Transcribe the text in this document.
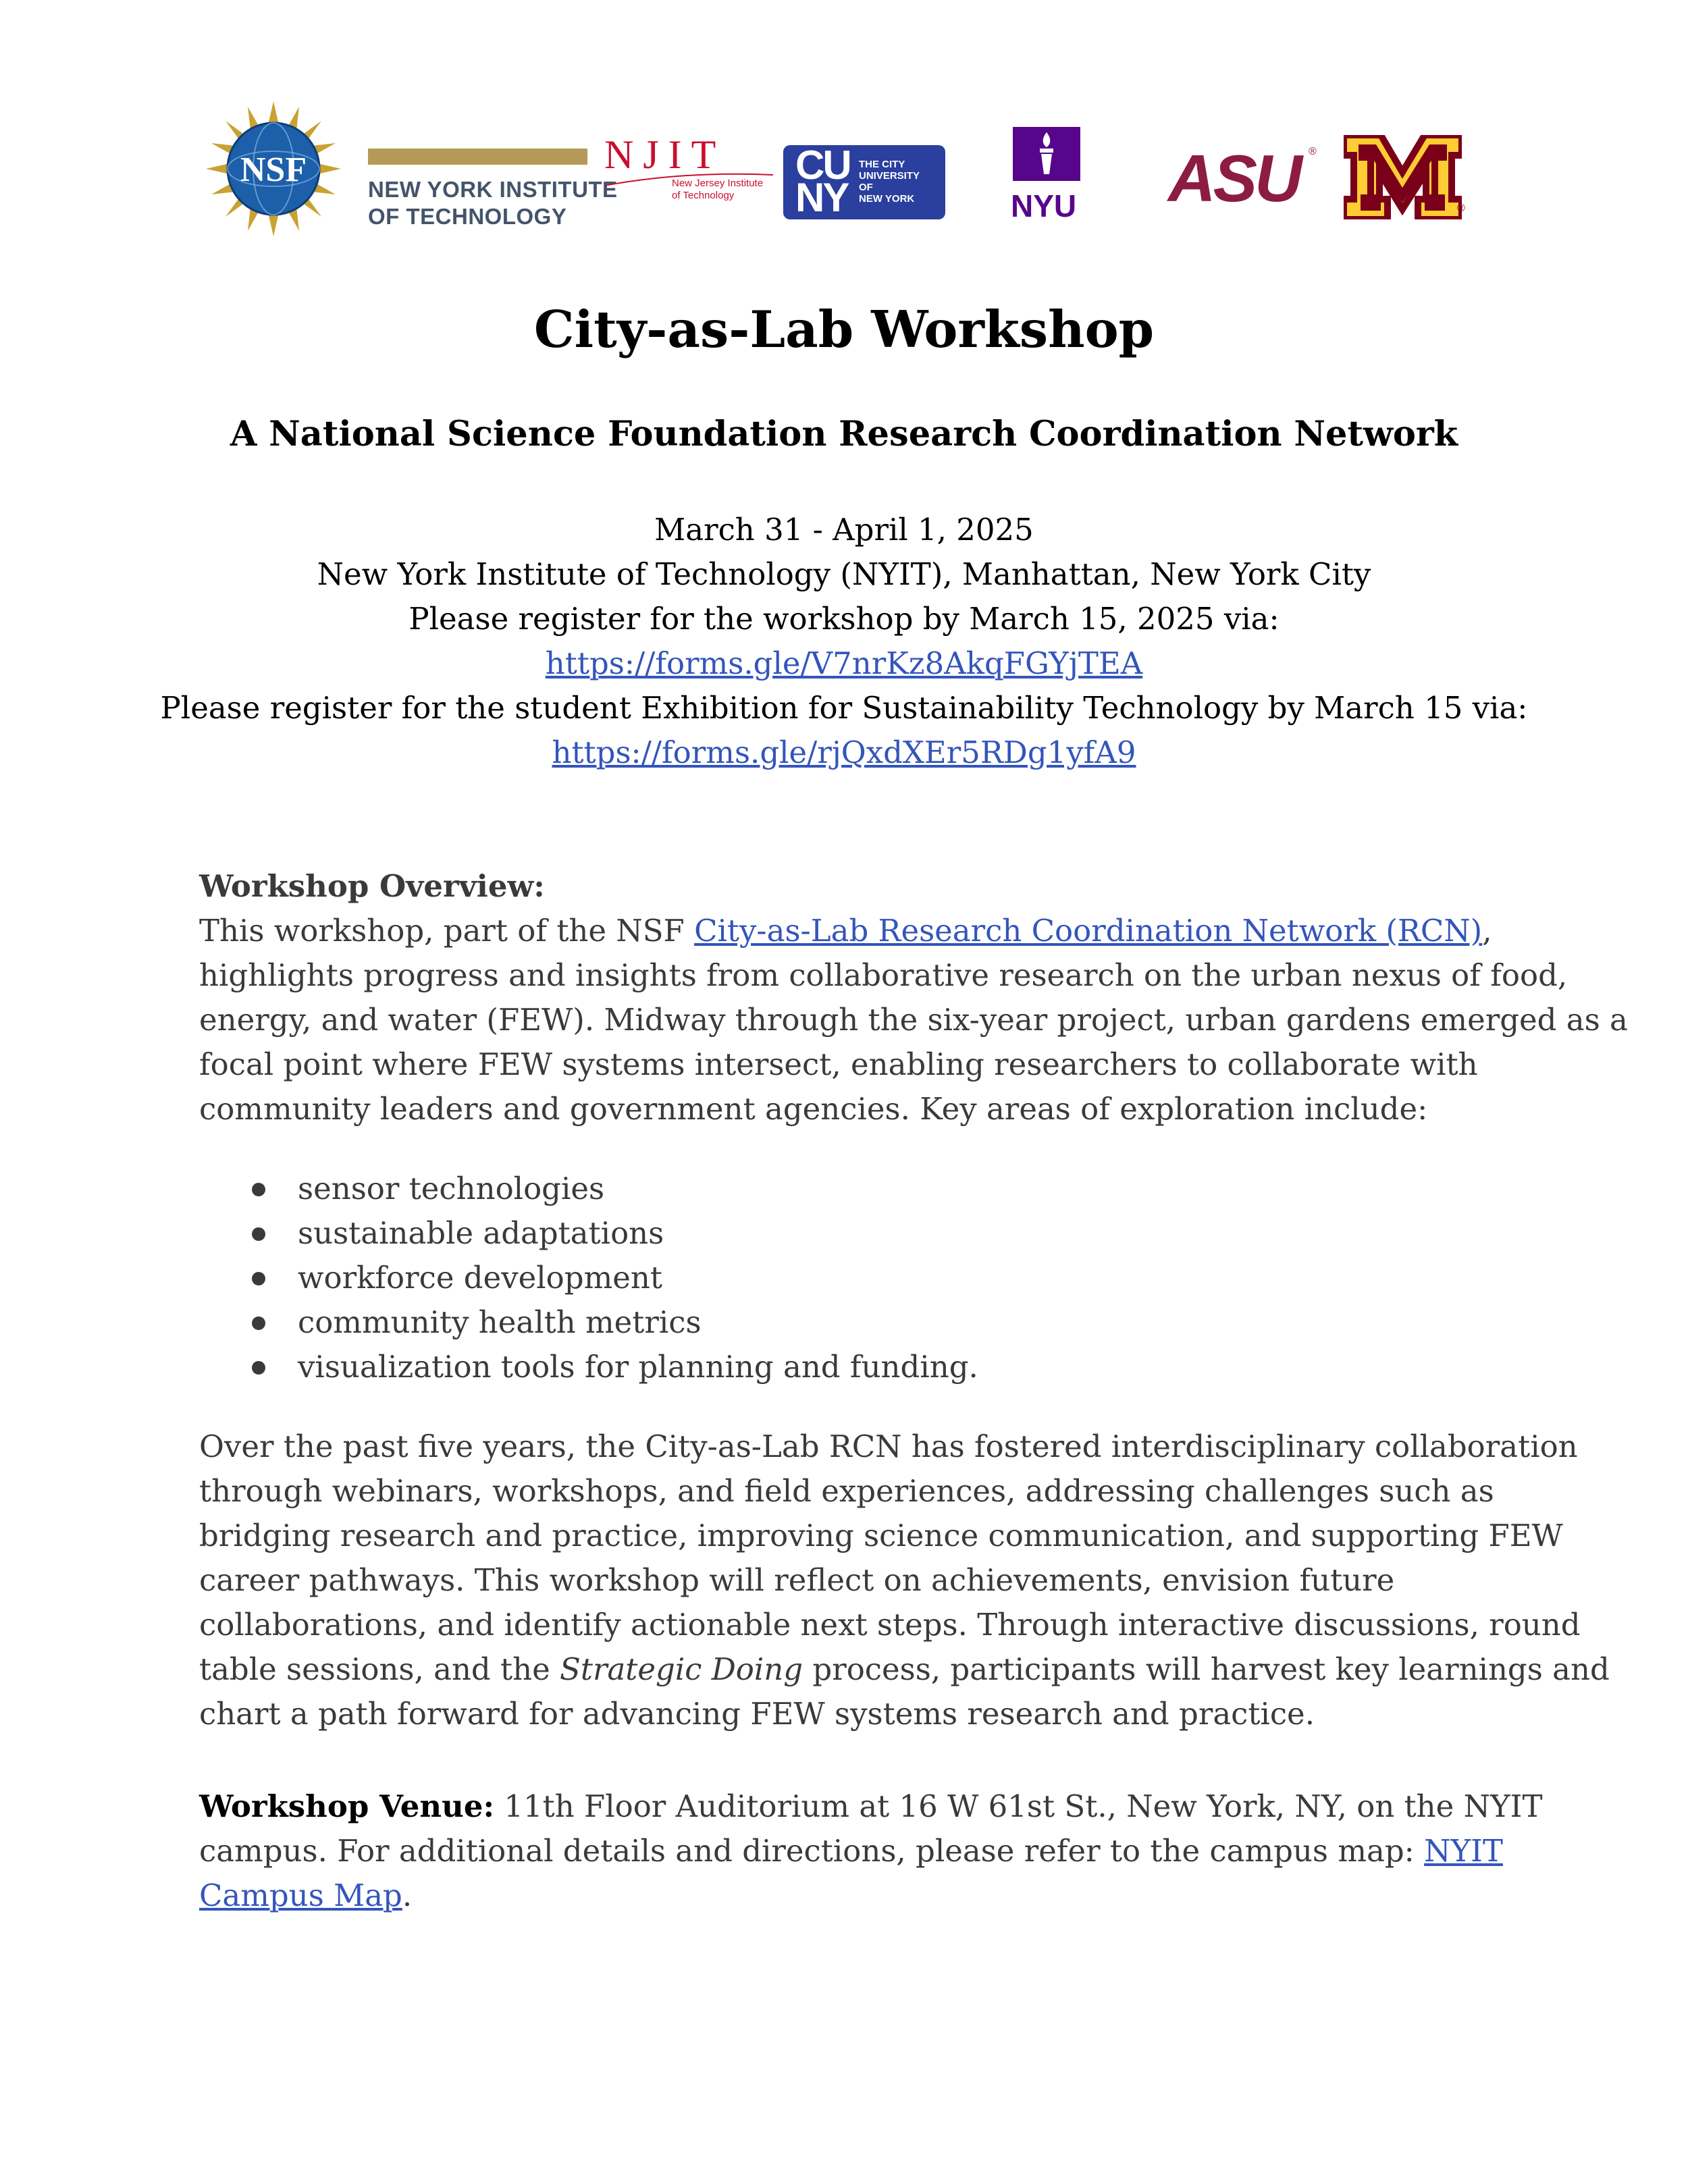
NSF
NEW YORK INSTITUTE
OF TECHNOLOGY
NJIT
New Jersey Institute
of Technology
CU
NY
THE CITY
UNIVERSITY
OF
NEW YORK	NYU ASU ®
®
City-as-Lab Workshop
A National Science Foundation Research Coordination Network
March 31 - April 1, 2025
New York Institute of Technology (NYIT), Manhattan, New York City
Please register for the workshop by March 15, 2025 via:
https://forms.gle/V7nrKz8AkqFGYjTEA
Please register for the student Exhibition for Sustainability Technology by March 15 via:
https://forms.gle/rjQxdXEr5RDg1yfA9
Workshop Overview:
This workshop, part of the NSF City-as-Lab Research Coordination Network (RCN),
highlights progress and insights from collaborative research on the urban nexus of food,
energy, and water (FEW). Midway through the six-year project, urban gardens emerged as a
focal point where FEW systems intersect, enabling researchers to collaborate with
community leaders and government agencies. Key areas of exploration include:
sensor technologies
sustainable adaptations
workforce development
community health metrics
visualization tools for planning and funding.
Over the past five years, the City-as-Lab RCN has fostered interdisciplinary collaboration
through webinars, workshops, and field experiences, addressing challenges such as
bridging research and practice, improving science communication, and supporting FEW
career pathways. This workshop will reflect on achievements, envision future
collaborations, and identify actionable next steps. Through interactive discussions, round
table sessions, and the Strategic Doing process, participants will harvest key learnings and
chart a path forward for advancing FEW systems research and practice.
Workshop Venue: 11th Floor Auditorium at 16 W 61st St., New York, NY, on the NYIT
campus. For additional details and directions, please refer to the campus map: NYIT
Campus Map.
